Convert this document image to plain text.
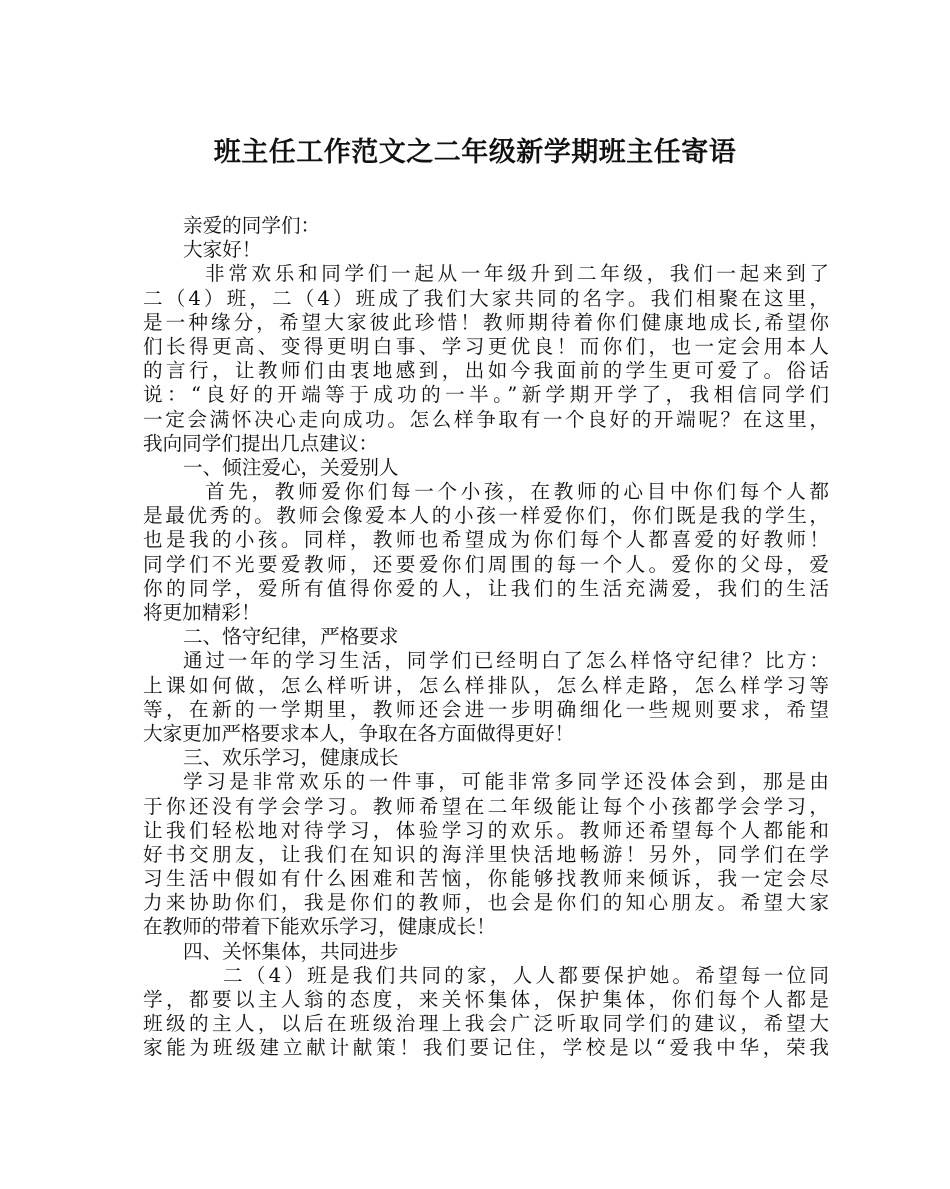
班主任工作范文之二年级新学期班主任寄语
亲爱的同学们：
大家好！
非常欢乐和同学们一起从一年级升到二年级，我们一起来到了
二（4）班，二（4）班成了我们大家共同的名字。我们相聚在这里，
是一种缘分，希望大家彼此珍惜！教师期待着你们健康地成长,希望你
们长得更高、变得更明白事、学习更优良！而你们，也一定会用本人
的言行，让教师们由衷地感到，出如今我面前的学生更可爱了。俗话
说：“良好的开端等于成功的一半。”新学期开学了，我相信同学们
一定会满怀决心走向成功。怎么样争取有一个良好的开端呢？在这里，
我向同学们提出几点建议：
一、倾注爱心，关爱别人
首先，教师爱你们每一个小孩，在教师的心目中你们每个人都
是最优秀的。教师会像爱本人的小孩一样爱你们，你们既是我的学生，
也是我的小孩。同样，教师也希望成为你们每个人都喜爱的好教师！
同学们不光要爱教师，还要爱你们周围的每一个人。爱你的父母，爱
你的同学，爱所有值得你爱的人，让我们的生活充满爱，我们的生活
将更加精彩！
二、恪守纪律，严格要求
通过一年的学习生活，同学们已经明白了怎么样恪守纪律？比方：
上课如何做，怎么样听讲，怎么样排队，怎么样走路，怎么样学习等
等，在新的一学期里，教师还会进一步明确细化一些规则要求，希望
大家更加严格要求本人，争取在各方面做得更好！
三、欢乐学习，健康成长
学习是非常欢乐的一件事，可能非常多同学还没体会到，那是由
于你还没有学会学习。教师希望在二年级能让每个小孩都学会学习，
让我们轻松地对待学习，体验学习的欢乐。教师还希望每个人都能和
好书交朋友，让我们在知识的海洋里快活地畅游！另外，同学们在学
习生活中假如有什么困难和苦恼，你能够找教师来倾诉，我一定会尽
力来协助你们，我是你们的教师，也会是你们的知心朋友。希望大家
在教师的带着下能欢乐学习，健康成长！
四、关怀集体，共同进步
二（4）班是我们共同的家，人人都要保护她。希望每一位同
学，都要以主人翁的态度，来关怀集体，保护集体，你们每个人都是
班级的主人，以后在班级治理上我会广泛听取同学们的建议，希望大
家能为班级建立献计献策！我们要记住，学校是以“爱我中华，荣我
